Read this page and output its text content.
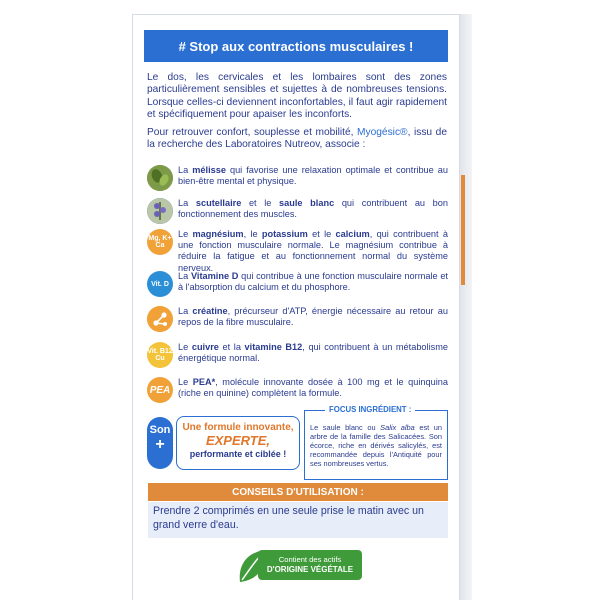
# Stop aux contractions musculaires !

Le dos, les cervicales et les lombaires sont des zones particulièrement sensibles et sujettes à de nombreuses tensions. Lorsque celles-ci deviennent inconfortables, il faut agir rapidement et spécifiquement pour apaiser les inconforts.

Pour retrouver confort, souplesse et mobilité, Myogésic®, issu de la recherche des Laboratoires Nutreov, associe :

La mélisse qui favorise une relaxation optimale et contribue au bien-être mental et physique.
La scutellaire et le saule blanc qui contribuent au bon fonctionnement des muscles.
Mg, K+ Ca
Le magnésium, le potassium et le calcium, qui contribuent à une fonction musculaire normale. Le magnésium contribue à réduire la fatigue et au fonctionnement normal du système nerveux.
Vit. D
La Vitamine D qui contribue à une fonction musculaire normale et à l'absorption du calcium et du phosphore.
La créatine, précurseur d'ATP, énergie nécessaire au retour au repos de la fibre musculaire.
Vit. B12 Cu
Le cuivre et la vitamine B12, qui contribuent à un métabolisme énergétique normal.
PEA
Le PEA*, molécule innovante dosée à 100 mg et le quinquina (riche en quinine) complètent la formule.
Son
+
Une formule innovante,
EXPERTE,
performante et ciblée !
FOCUS INGRÉDIENT :
Le saule blanc ou Salix alba est un arbre de la famille des Salicacées. Son écorce, riche en dérivés salicylés, est recommandée depuis l'Antiquité pour ses nombreuses vertus.
CONSEILS D'UTILISATION :
Prendre 2 comprimés en une seule prise le matin avec un grand verre d'eau.
Contient des actifs
D'ORIGINE VÉGÉTALE
